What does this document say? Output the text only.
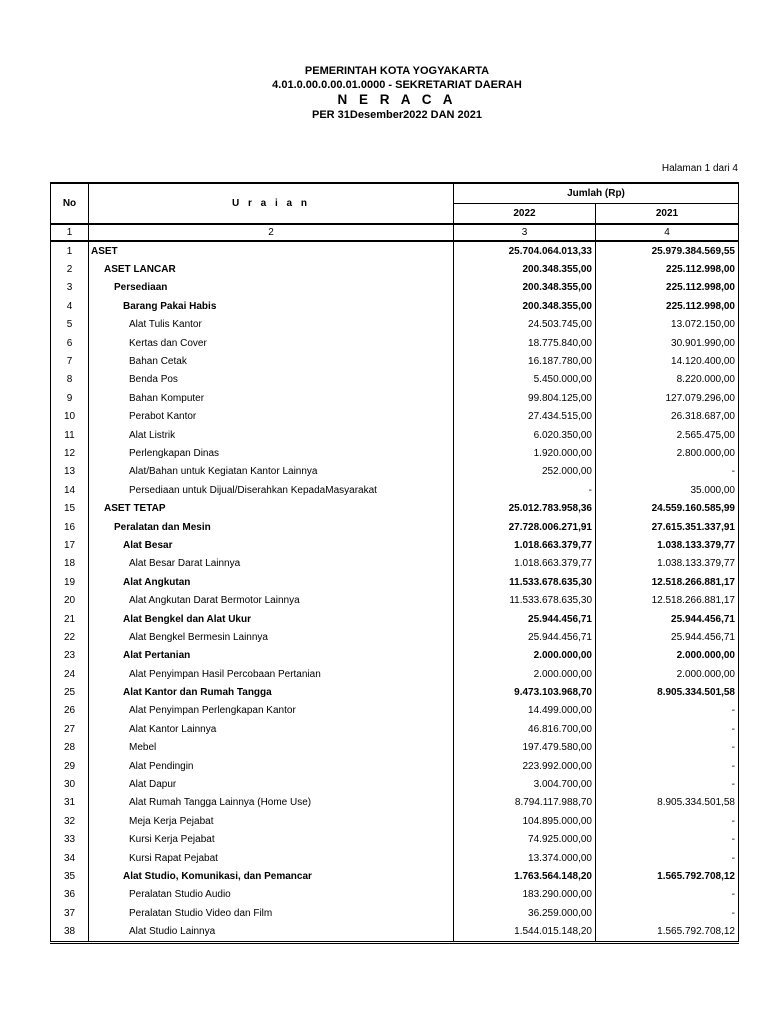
PEMERINTAH KOTA YOGYAKARTA
4.01.0.00.0.00.01.0000 - SEKRETARIAT DAERAH
N E R A C A
PER 31Desember2022 DAN 2021
Halaman 1 dari 4
No	U r a i a n	Jumlah (Rp)	
		2022	2021
1	2	3	4
1	ASET	25.704.064.013,33	25.979.384.569,55
2	ASET LANCAR	200.348.355,00	225.112.998,00
3	Persediaan	200.348.355,00	225.112.998,00
4	Barang Pakai Habis	200.348.355,00	225.112.998,00
5	Alat Tulis Kantor	24.503.745,00	13.072.150,00
6	Kertas dan Cover	18.775.840,00	30.901.990,00
7	Bahan Cetak	16.187.780,00	14.120.400,00
8	Benda Pos	5.450.000,00	8.220.000,00
9	Bahan Komputer	99.804.125,00	127.079.296,00
10	Perabot Kantor	27.434.515,00	26.318.687,00
11	Alat Listrik	6.020.350,00	2.565.475,00
12	Perlengkapan Dinas	1.920.000,00	2.800.000,00
13	Alat/Bahan untuk Kegiatan Kantor Lainnya	252.000,00	-
14	Persediaan untuk Dijual/Diserahkan KepadaMasyarakat	-	35.000,00
15	ASET TETAP	25.012.783.958,36	24.559.160.585,99
16	Peralatan dan Mesin	27.728.006.271,91	27.615.351.337,91
17	Alat Besar	1.018.663.379,77	1.038.133.379,77
18	Alat Besar Darat Lainnya	1.018.663.379,77	1.038.133.379,77
19	Alat Angkutan	11.533.678.635,30	12.518.266.881,17
20	Alat Angkutan Darat Bermotor Lainnya	11.533.678.635,30	12.518.266.881,17
21	Alat Bengkel dan Alat Ukur	25.944.456,71	25.944.456,71
22	Alat Bengkel Bermesin Lainnya	25.944.456,71	25.944.456,71
23	Alat Pertanian	2.000.000,00	2.000.000,00
24	Alat Penyimpan Hasil Percobaan Pertanian	2.000.000,00	2.000.000,00
25	Alat Kantor dan Rumah Tangga	9.473.103.968,70	8.905.334.501,58
26	Alat Penyimpan Perlengkapan Kantor	14.499.000,00	-
27	Alat Kantor Lainnya	46.816.700,00	-
28	Mebel	197.479.580,00	-
29	Alat Pendingin	223.992.000,00	-
30	Alat Dapur	3.004.700,00	-
31	Alat Rumah Tangga Lainnya (Home Use)	8.794.117.988,70	8.905.334.501,58
32	Meja Kerja Pejabat	104.895.000,00	-
33	Kursi Kerja Pejabat	74.925.000,00	-
34	Kursi Rapat Pejabat	13.374.000,00	-
35	Alat Studio, Komunikasi, dan Pemancar	1.763.564.148,20	1.565.792.708,12
36	Peralatan Studio Audio	183.290.000,00	-
37	Peralatan Studio Video dan Film	36.259.000,00	-
38	Alat Studio Lainnya	1.544.015.148,20	1.565.792.708,12
